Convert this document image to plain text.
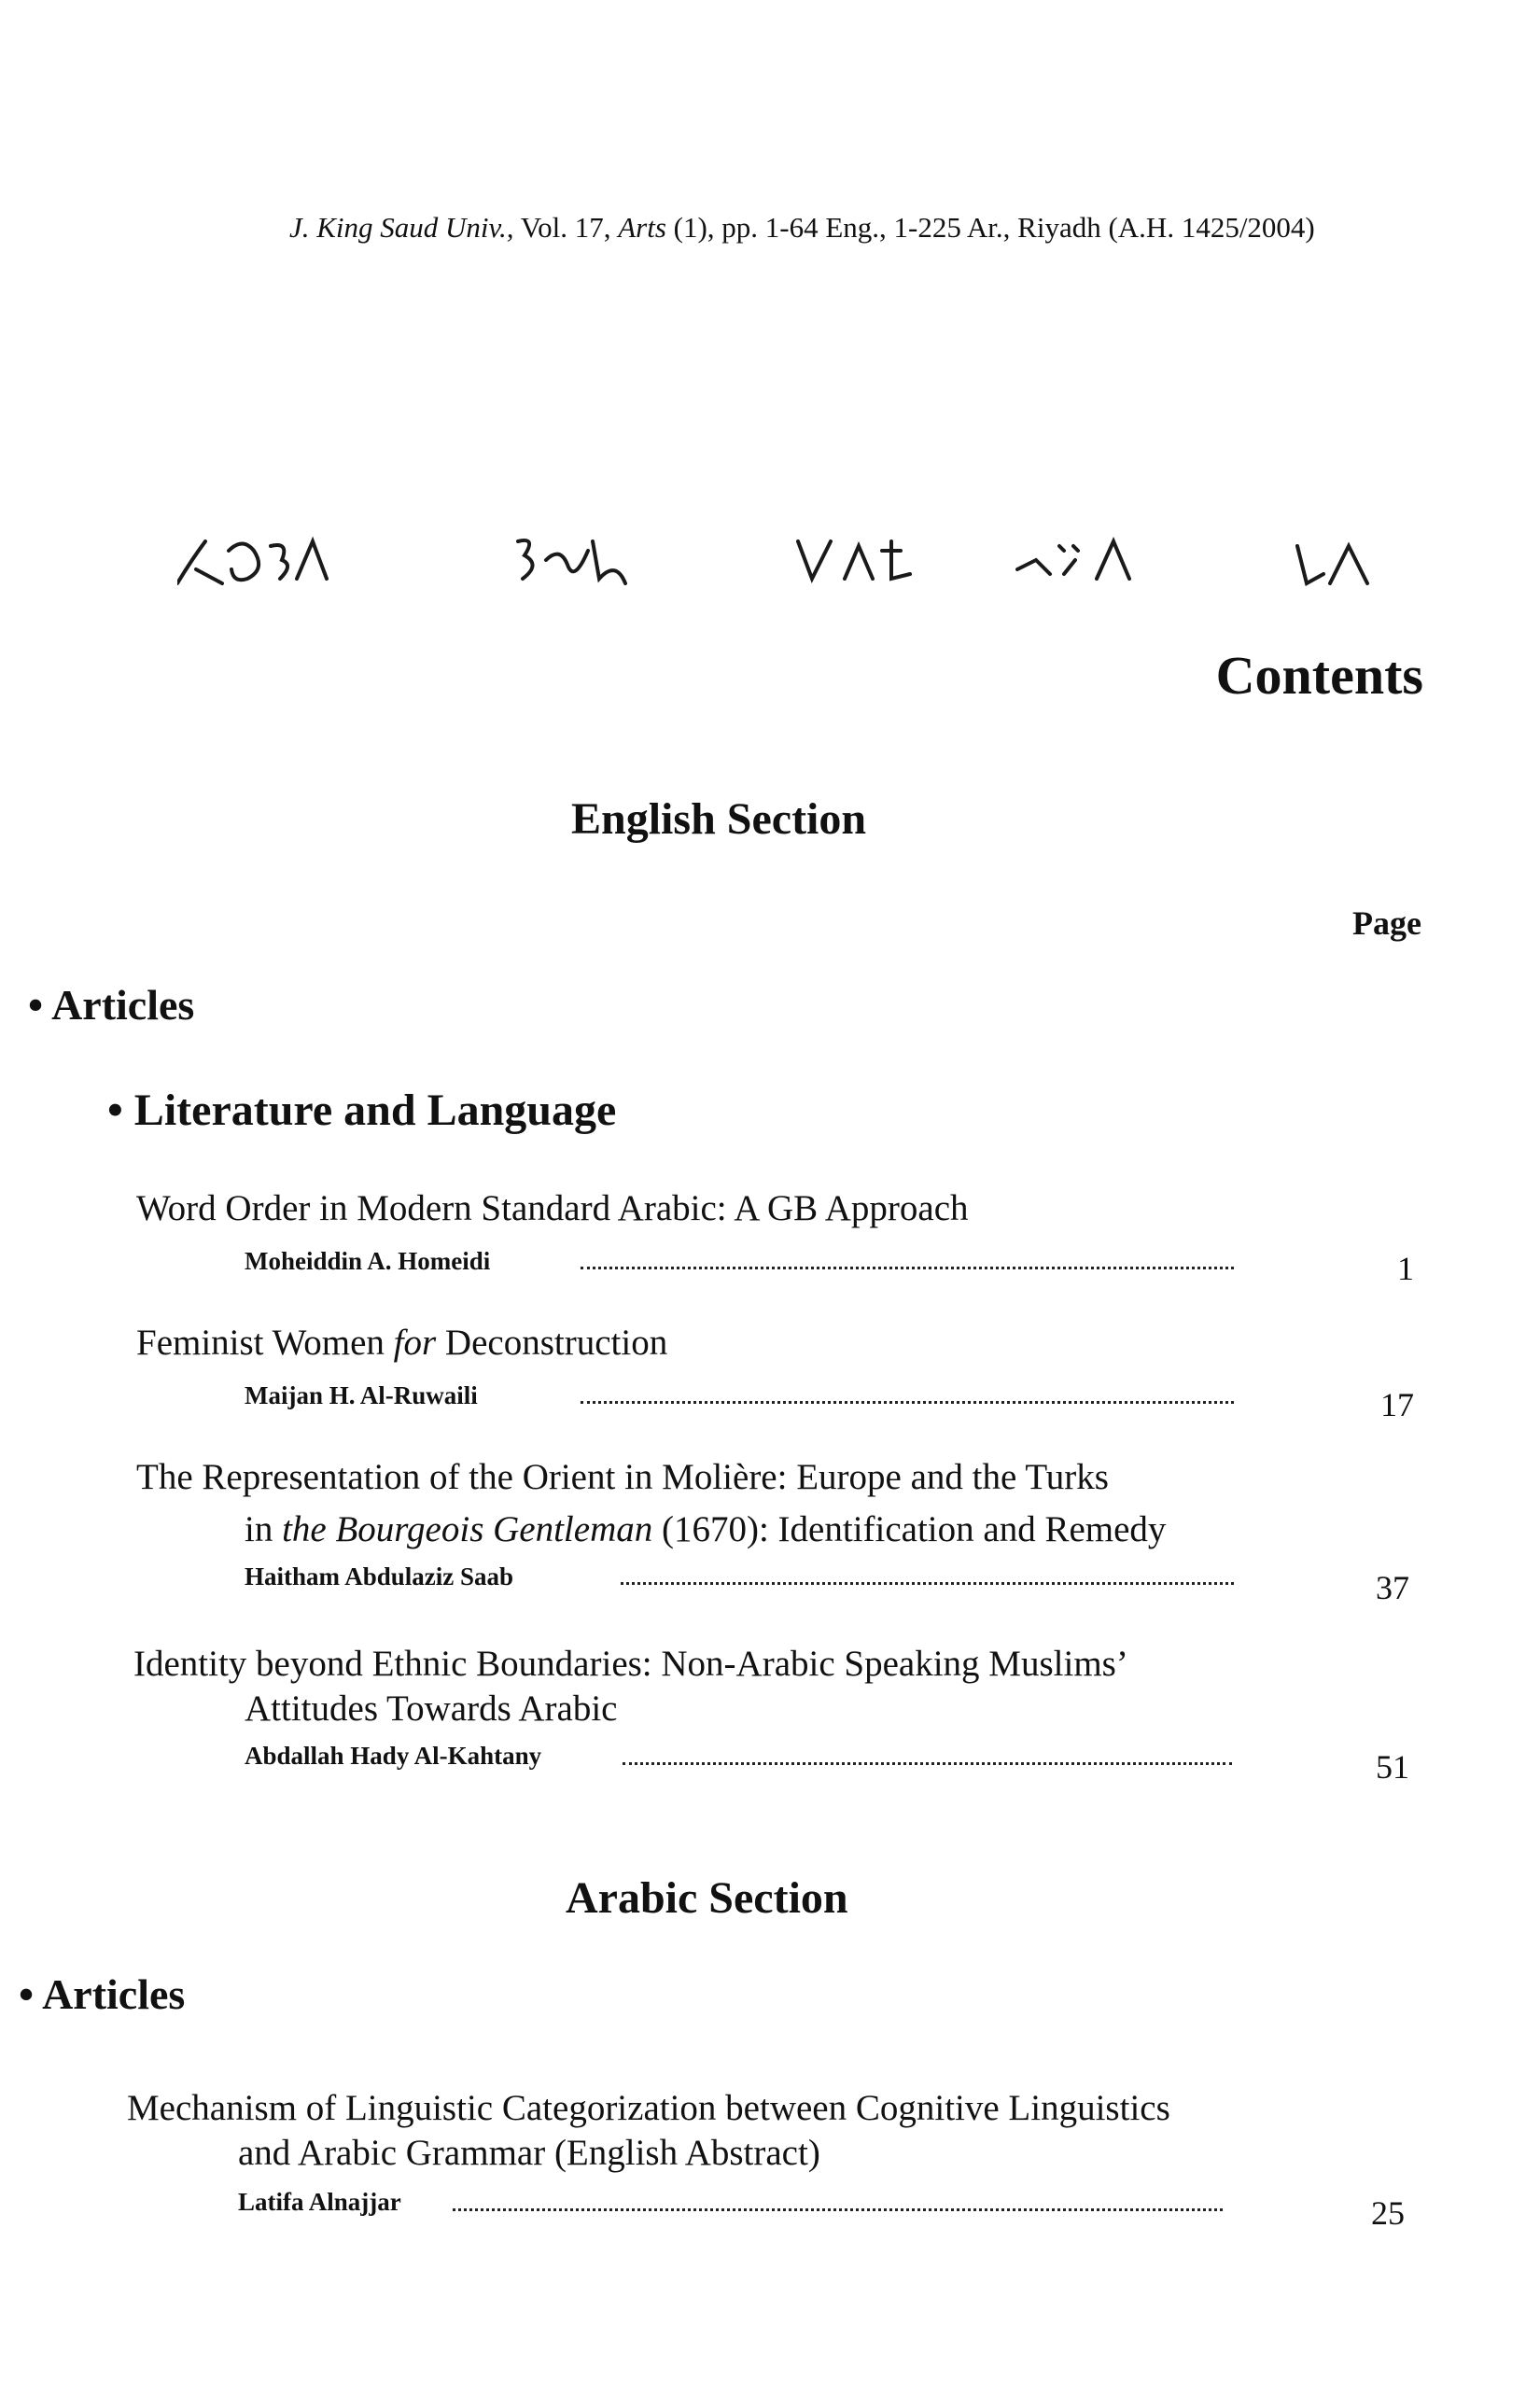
J. King Saud Univ., Vol. 17, Arts (1), pp. 1-64 Eng., 1-225 Ar., Riyadh (A.H. 1425/2004)
Contents
English Section
Page
• Articles
• Literature and Language
Word Order in Modern Standard Arabic: A GB Approach
Moheiddin A. Homeidi	1
Feminist Women for Deconstruction
Maijan H. Al-Ruwaili	17
The Representation of the Orient in Molière: Europe and the Turks
in the Bourgeois Gentleman (1670): Identification and Remedy
Haitham Abdulaziz Saab	37
Identity beyond Ethnic Boundaries: Non-Arabic Speaking Muslims’
Attitudes Towards Arabic
Abdallah Hady Al-Kahtany	51
Arabic Section
• Articles
Mechanism of Linguistic Categorization between Cognitive Linguistics
and Arabic Grammar (English Abstract)
Latifa Alnajjar	25
